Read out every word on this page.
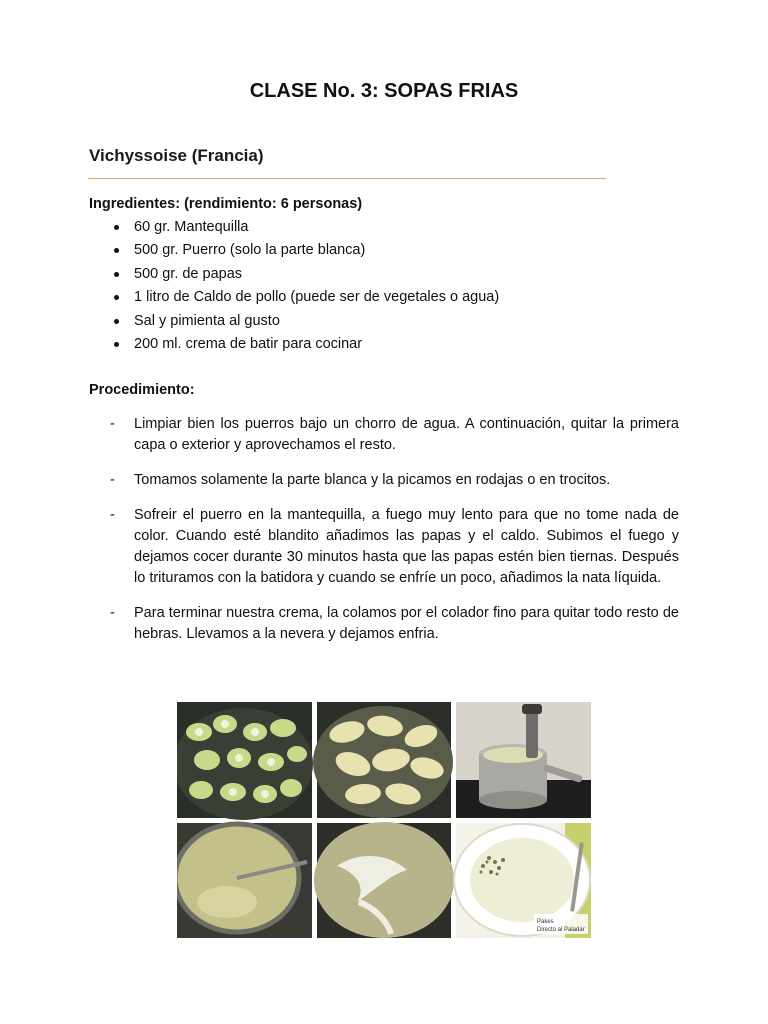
CLASE No. 3: SOPAS FRIAS
Vichyssoise (Francia)

Ingredientes: (rendimiento: 6 personas)

60 gr. Mantequilla
500 gr. Puerro (solo la parte blanca)
500 gr. de papas
1 litro de Caldo de pollo (puede ser de vegetales o agua)
Sal y pimienta al gusto
200 ml. crema de batir para cocinar

Procedimiento:

- Limpiar bien los puerros bajo un chorro de agua. A continuación, quitar la primera capa o exterior y aprovechamos el resto.
- Tomamos solamente la parte blanca y la picamos en rodajas o en trocitos.
- Sofreir el puerro en la mantequilla, a fuego muy lento para que no tome nada de color. Cuando esté blandito añadimos las papas y el caldo. Subimos el fuego y dejamos cocer durante 30 minutos hasta que las papas estén bien tiernas. Después lo trituramos con la batidora y cuando se enfríe un poco, añadimos la nata líquida.
- Para terminar nuestra crema, la colamos por el colador fino para quitar todo resto de hebras. Llevamos a la nevera y dejamos enfria.
Pakes
Directo al Paladar
